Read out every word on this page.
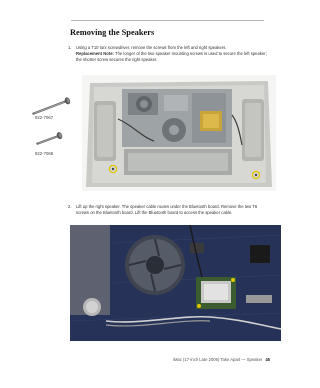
Removing the Speakers
1. Using a T10 torx screwdriver, remove the screws from the left and right speakers.

Replacement Note: The longer of the two speaker mounting screws is used to secure the left speaker; the shorter screw secures the right speaker.

922-7067
922-7068
2. Lift up the right speaker. The speaker cable routes under the Bluetooth board. Remove the two T6 screws on the Bluetooth board. Lift the Bluetooth board to access the speaker cable.

iMac (17-inch Late 2006) Take Apart — Speaker 45
